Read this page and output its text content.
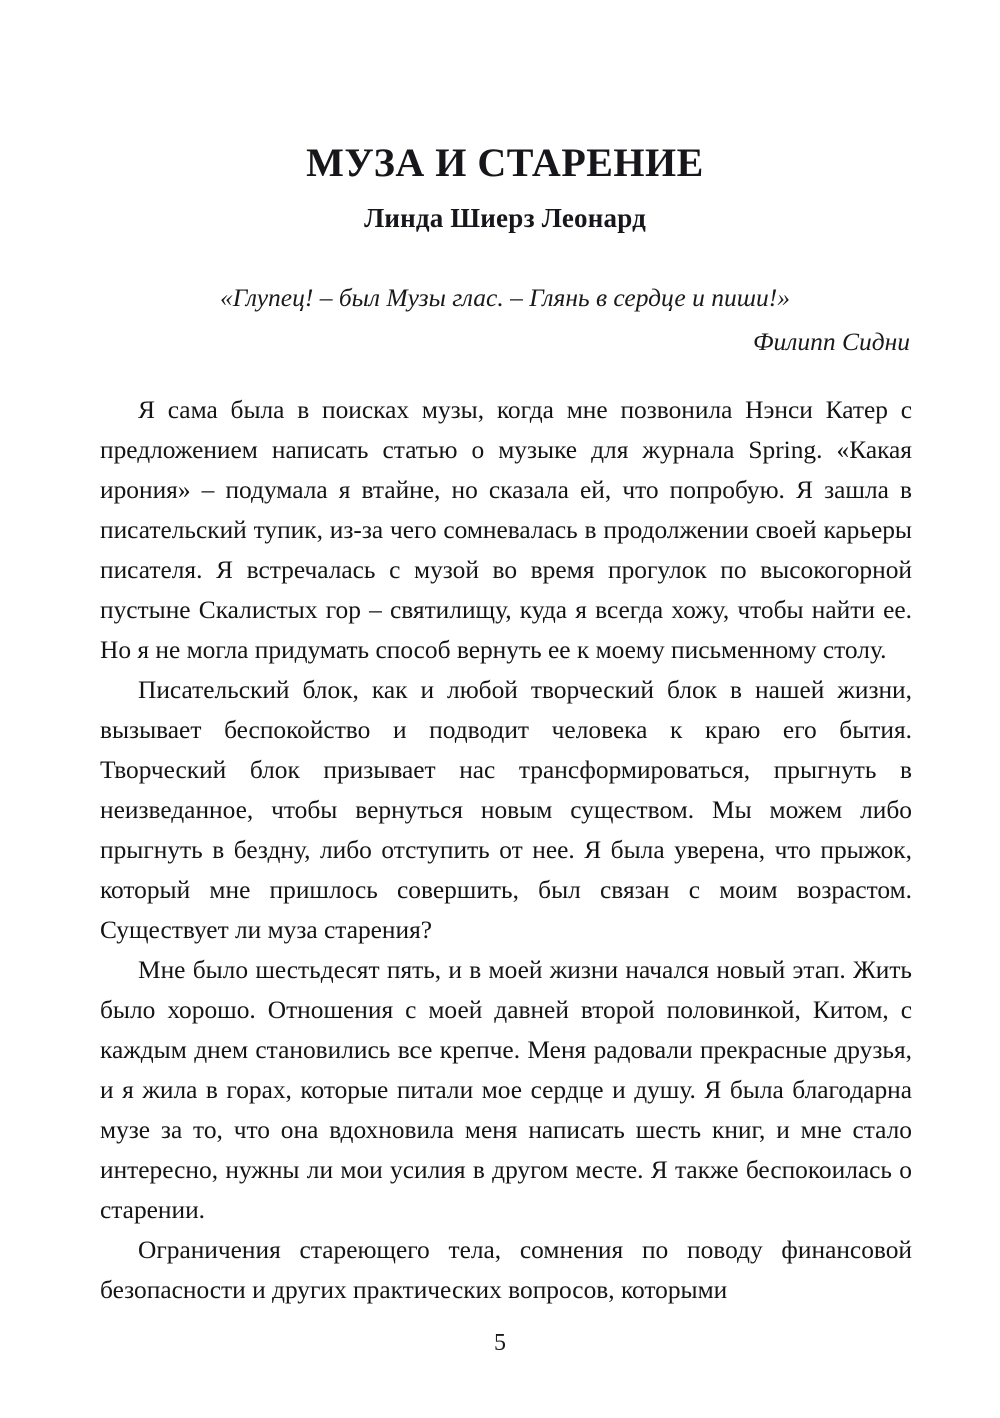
МУЗА И СТАРЕНИЕ
Линда Шиерз Леонард
«Глупец! – был Музы глас. – Глянь в сердце и пиши!»
Филипп Сидни

Я сама была в поисках музы, когда мне позвонила Нэнси Катер с предложением написать статью о музыке для журнала Spring. «Какая ирония» – подумала я втайне, но сказала ей, что попробую. Я зашла в писательский тупик, из-за чего сомневалась в продолжении своей карьеры писателя. Я встречалась с музой во время прогулок по высокогорной пустыне Скалистых гор – святилищу, куда я всегда хожу, чтобы найти ее. Но я не могла придумать способ вернуть ее к моему письменному столу.

Писательский блок, как и любой творческий блок в нашей жизни, вызывает беспокойство и подводит человека к краю его бытия. Творческий блок призывает нас трансформироваться, прыгнуть в неизведанное, чтобы вернуться новым существом. Мы можем либо прыгнуть в бездну, либо отступить от нее. Я была уверена, что прыжок, который мне пришлось совершить, был связан с моим возрастом. Существует ли муза старения?

Мне было шестьдесят пять, и в моей жизни начался новый этап. Жить было хорошо. Отношения с моей давней второй половинкой, Китом, с каждым днем становились все крепче. Меня радовали прекрасные друзья, и я жила в горах, которые питали мое сердце и душу. Я была благодарна музе за то, что она вдохновила меня написать шесть книг, и мне стало интересно, нужны ли мои усилия в другом месте. Я также беспокоилась о старении.

Ограничения стареющего тела, сомнения по поводу финансовой безопасности и других практических вопросов, которыми

5
